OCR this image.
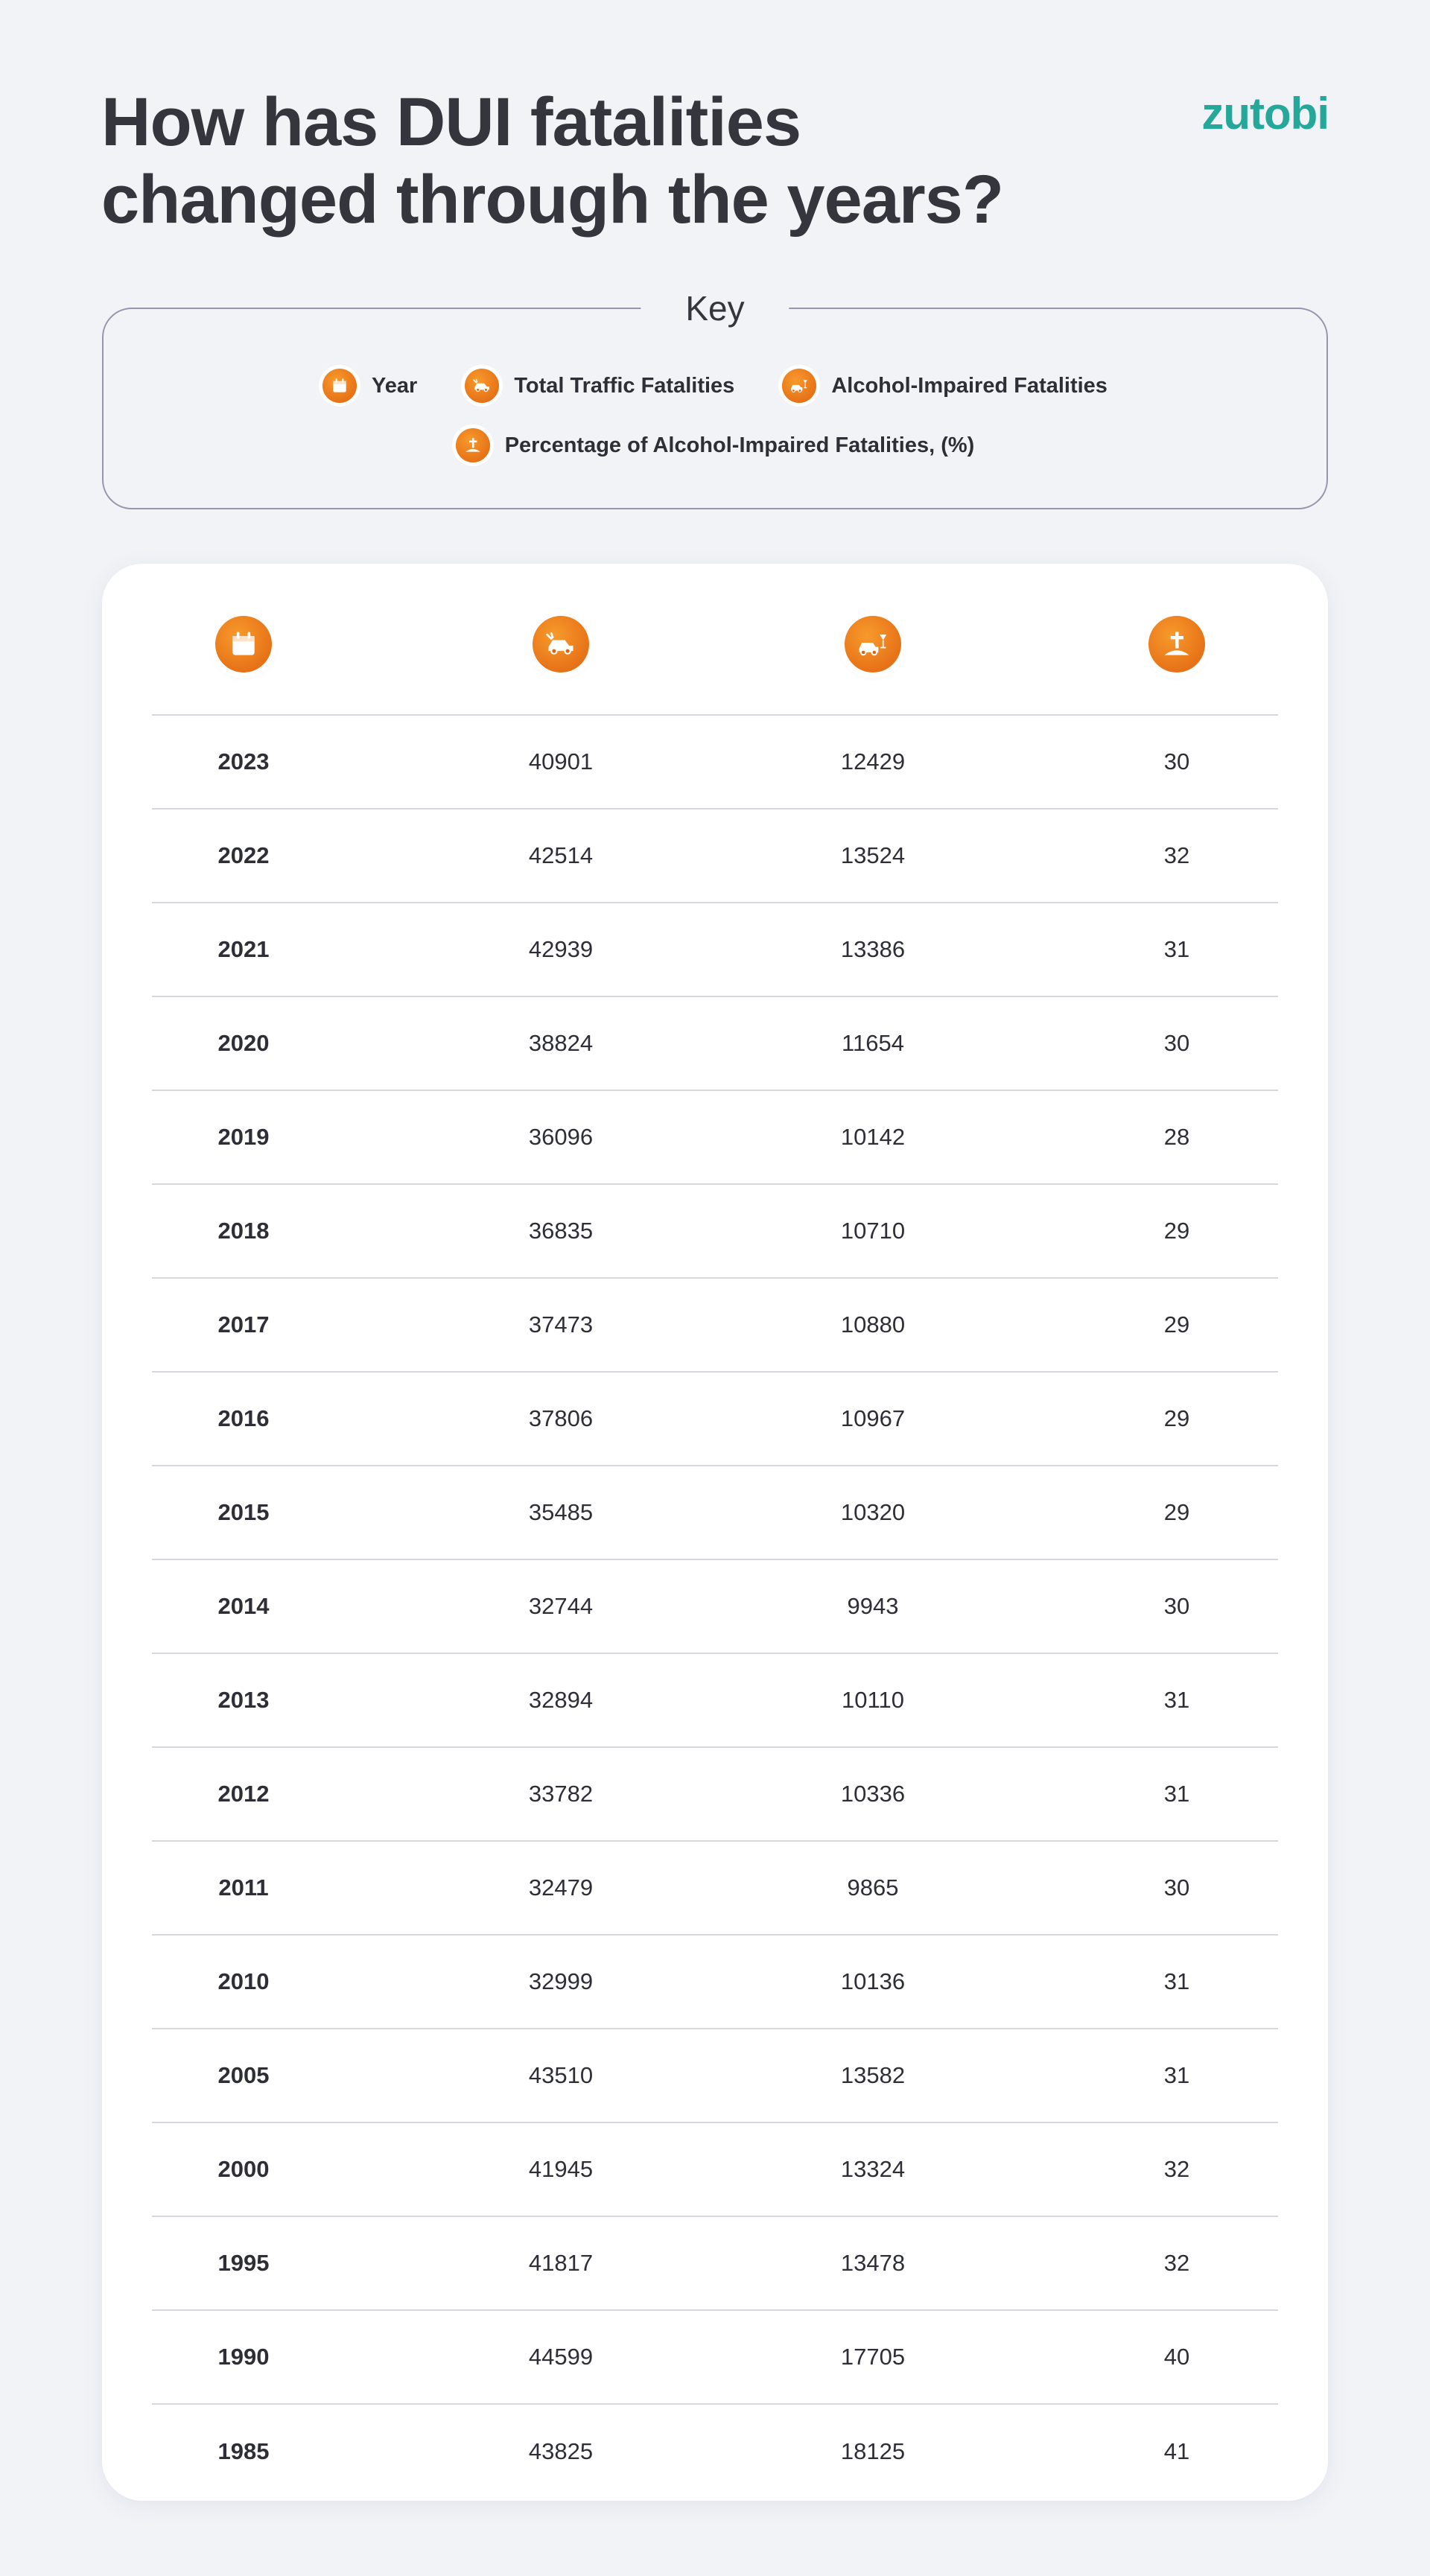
How has DUI fatalities
changed through the years?
zutobi
Key
Year	Total Traffic Fatalities	Alcohol-Impaired Fatalities
Percentage of Alcohol-Impaired Fatalities, (%)
2023	40901	12429	30
2022	42514	13524	32
2021	42939	13386	31
2020	38824	11654	30
2019	36096	10142	28
2018	36835	10710	29
2017	37473	10880	29
2016	37806	10967	29
2015	35485	10320	29
2014	32744	9943	30
2013	32894	10110	31
2012	33782	10336	31
2011	32479	9865	30
2010	32999	10136	31
2005	43510	13582	31
2000	41945	13324	32
1995	41817	13478	32
1990	44599	17705	40
1985	43825	18125	41
